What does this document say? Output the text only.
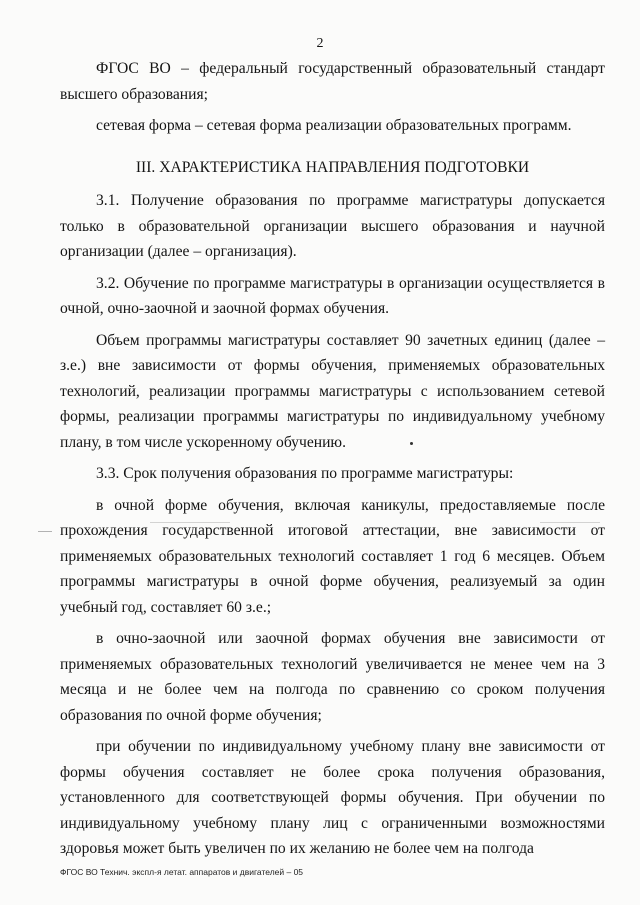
2

ФГОС ВО – федеральный государственный образовательный стандарт высшего образования;

сетевая форма – сетевая форма реализации образовательных программ.

III. ХАРАКТЕРИСТИКА НАПРАВЛЕНИЯ ПОДГОТОВКИ

3.1. Получение образования по программе магистратуры допускается только в образовательной организации высшего образования и научной организации (далее – организация).

3.2. Обучение по программе магистратуры в организации осуществляется в очной, очно-заочной и заочной формах обучения.

Объем программы магистратуры составляет 90 зачетных единиц (далее – з.е.) вне зависимости от формы обучения, применяемых образовательных технологий, реализации программы магистратуры с использованием сетевой формы, реализации программы магистратуры по индивидуальному учебному плану, в том числе ускоренному обучению.

3.3. Срок получения образования по программе магистратуры:

в очной форме обучения, включая каникулы, предоставляемые после прохождения государственной итоговой аттестации, вне зависимости от применяемых образовательных технологий составляет 1 год 6 месяцев. Объем программы магистратуры в очной форме обучения, реализуемый за один учебный год, составляет 60 з.е.;

в очно-заочной или заочной формах обучения вне зависимости от применяемых образовательных технологий увеличивается не менее чем на 3 месяца и не более чем на полгода по сравнению со сроком получения образования по очной форме обучения;

при обучении по индивидуальному учебному плану вне зависимости от формы обучения составляет не более срока получения образования, установленного для соответствующей формы обучения. При обучении по индивидуальному учебному плану лиц с ограниченными возможностями здоровья может быть увеличен по их желанию не более чем на полгода

ФГОС ВО Технич. экспл-я летат. аппаратов и двигателей – 05
